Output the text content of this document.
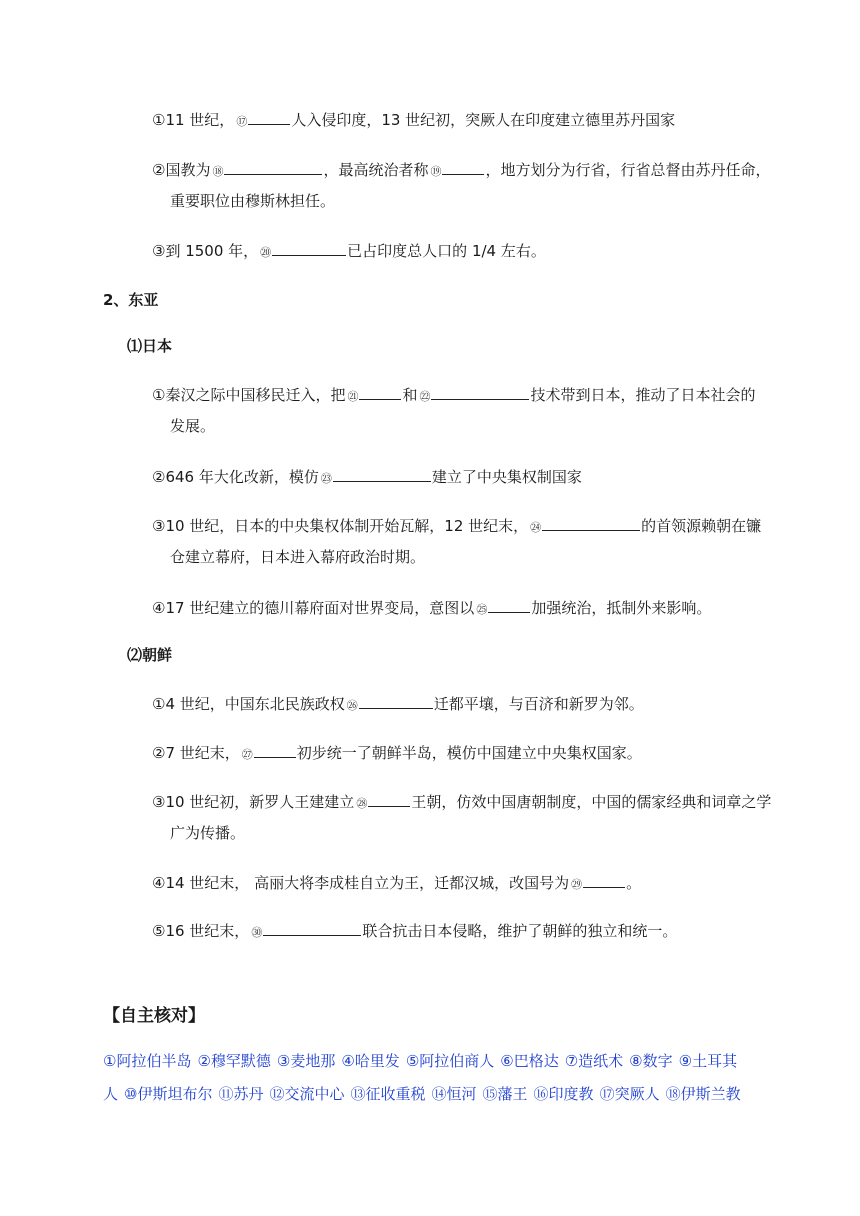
①11 世纪， ⑰	人入侵印度，13 世纪初，突厥人在印度建立德里苏丹国家
②国教为 ⑱	，最高统治者称 ⑲	，地方划分为行省，行省总督由苏丹任命，
重要职位由穆斯林担任。
③到 1500 年， ⑳	已占印度总人口的 1/4 左右。
2、东亚
⑴日本
①秦汉之际中国移民迁入，把 ㉑	和 ㉒	技术带到日本，推动了日本社会的
发展。
②646 年大化改新，模仿 ㉓	建立了中央集权制国家
③10 世纪，日本的中央集权体制开始瓦解，12 世纪末， ㉔	的首领源赖朝在镰
仓建立幕府，日本进入幕府政治时期。
④17 世纪建立的德川幕府面对世界变局，意图以 ㉕	加强统治，抵制外来影响。
⑵朝鲜
①4 世纪，中国东北民族政权 ㉖	迁都平壤，与百济和新罗为邻。
②7 世纪末， ㉗	初步统一了朝鲜半岛，模仿中国建立中央集权国家。
③10 世纪初，新罗人王建建立 ㉘	王朝，仿效中国唐朝制度，中国的儒家经典和词章之学
广为传播。
④14 世纪末， 高丽大将李成桂自立为王，迁都汉城，改国号为 ㉙	。
⑤16 世纪末， ㉚	联合抗击日本侵略，维护了朝鲜的独立和统一。
【自主核对】
①阿拉伯半岛 ②穆罕默德 ③麦地那 ④哈里发 ⑤阿拉伯商人 ⑥巴格达 ⑦造纸术 ⑧数字 ⑨土耳其
人 ⑩伊斯坦布尔 ⑪苏丹 ⑫交流中心 ⑬征收重税 ⑭恒河 ⑮藩王 ⑯印度教 ⑰突厥人 ⑱伊斯兰教
